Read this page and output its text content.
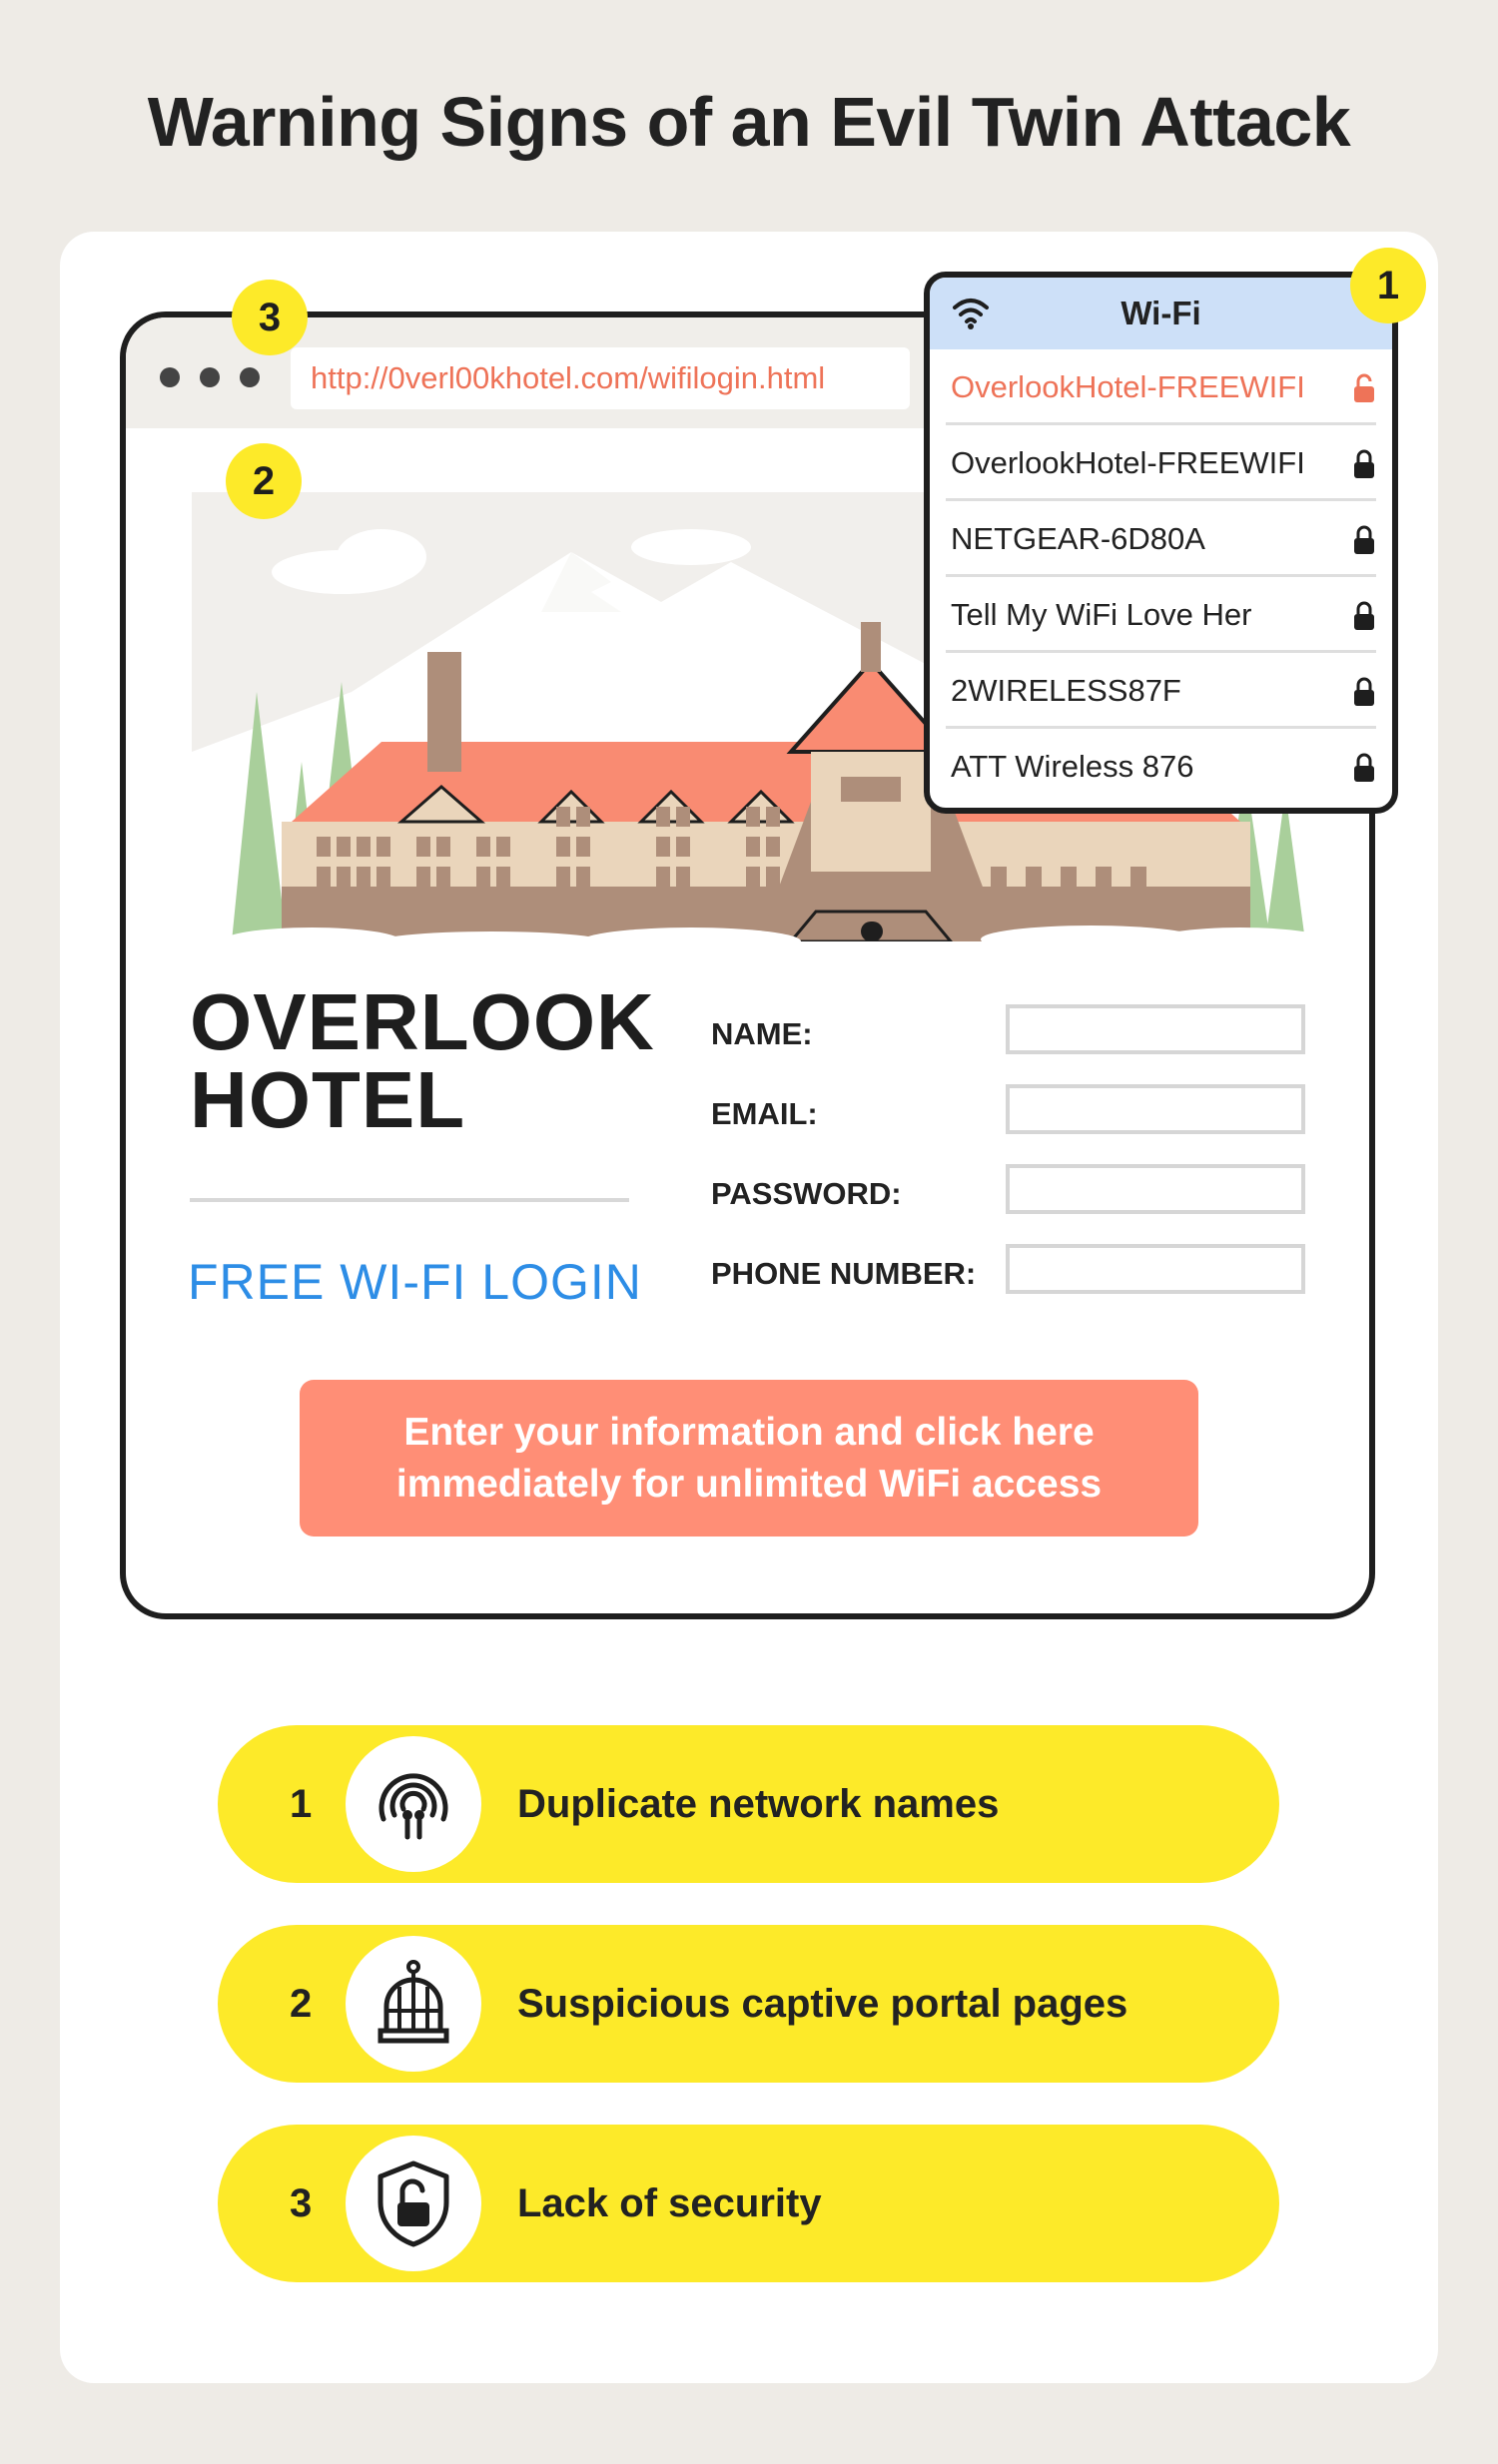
Warning Signs of an Evil Twin Attack
http://0verl00khotel.com/wifilogin.html
2
OVERLOOK
HOTEL
FREE WI-FI LOGIN
NAME:
EMAIL:
PASSWORD:
PHONE NUMBER:
Enter your information and click here
immediately for unlimited WiFi access
Wi-Fi
OverlookHotel-FREEWIFI
OverlookHotel-FREEWIFI
NETGEAR-6D80A
Tell My WiFi Love Her
2WIRELESS87F
ATT Wireless 876
1
3
1	Duplicate network names
2	Suspicious captive portal pages
3	Lack of security
